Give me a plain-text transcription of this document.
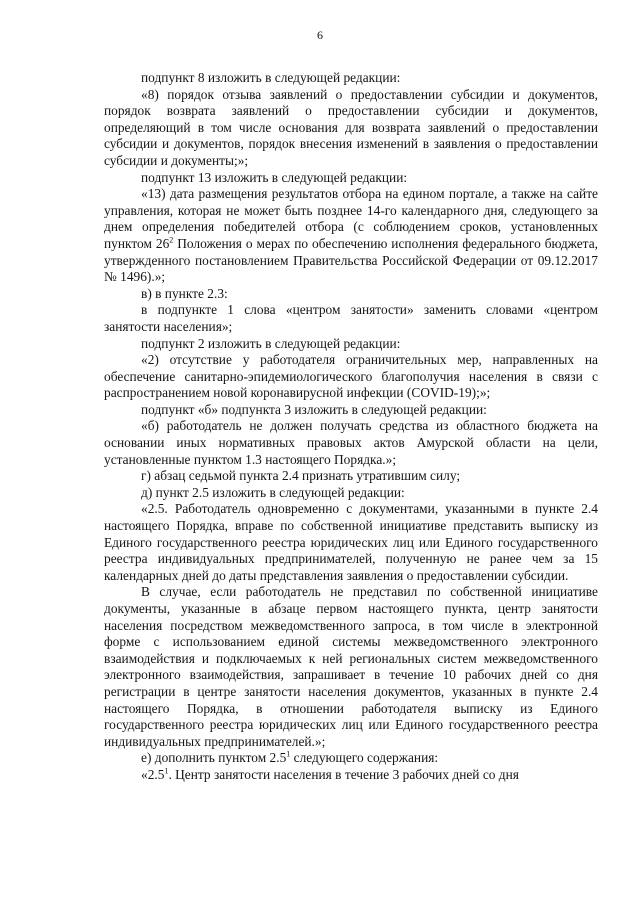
6

подпункт 8 изложить в следующей редакции:

«8) порядок отзыва заявлений о предоставлении субсидии и документов, порядок возврата заявлений о предоставлении субсидии и документов, определяющий в том числе основания для возврата заявлений о предоставлении субсидии и документов, порядок внесения изменений в заявления о предоставлении субсидии и документы;»;

подпункт 13 изложить в следующей редакции:

«13) дата размещения результатов отбора на едином портале, а также на сайте управления, которая не может быть позднее 14-го календарного дня, следующего за днем определения победителей отбора (с соблюдением сроков, установленных пунктом $26^2$ Положения о мерах по обеспечению исполнения федерального бюджета, утвержденного постановлением Правительства Российской Федерации от 09.12.2017 № 1496).»;

в) в пункте 2.3:

в подпункте 1 слова «центром занятости» заменить словами «центром занятости населения»;

подпункт 2 изложить в следующей редакции:

«2) отсутствие у работодателя ограничительных мер, направленных на обеспечение санитарно-эпидемиологического благополучия населения в связи с распространением новой коронавирусной инфекции (COVID-19);»;

подпункт «б» подпункта 3 изложить в следующей редакции:

«б) работодатель не должен получать средства из областного бюджета на основании иных нормативных правовых актов Амурской области на цели, установленные пунктом 1.3 настоящего Порядка.»;

г) абзац седьмой пункта 2.4 признать утратившим силу;

д) пункт 2.5 изложить в следующей редакции:

«2.5. Работодатель одновременно с документами, указанными в пункте 2.4 настоящего Порядка, вправе по собственной инициативе представить выписку из Единого государственного реестра юридических лиц или Единого государственного реестра индивидуальных предпринимателей, полученную не ранее чем за 15 календарных дней до даты представления заявления о предоставлении субсидии.

В случае, если работодатель не представил по собственной инициативе документы, указанные в абзаце первом настоящего пункта, центр занятости населения посредством межведомственного запроса, в том числе в электронной форме с использованием единой системы межведомственного электронного взаимодействия и подключаемых к ней региональных систем межведомственного электронного взаимодействия, запрашивает в течение 10 рабочих дней со дня регистрации в центре занятости населения документов, указанных в пункте 2.4 настоящего Порядка, в отношении работодателя выписку из Единого государственного реестра юридических лиц или Единого государственного реестра индивидуальных предпринимателей.»;

е) дополнить пунктом $2.5^1$ следующего содержания:

«$2.5^1$. Центр занятости населения в течение 3 рабочих дней со дня
